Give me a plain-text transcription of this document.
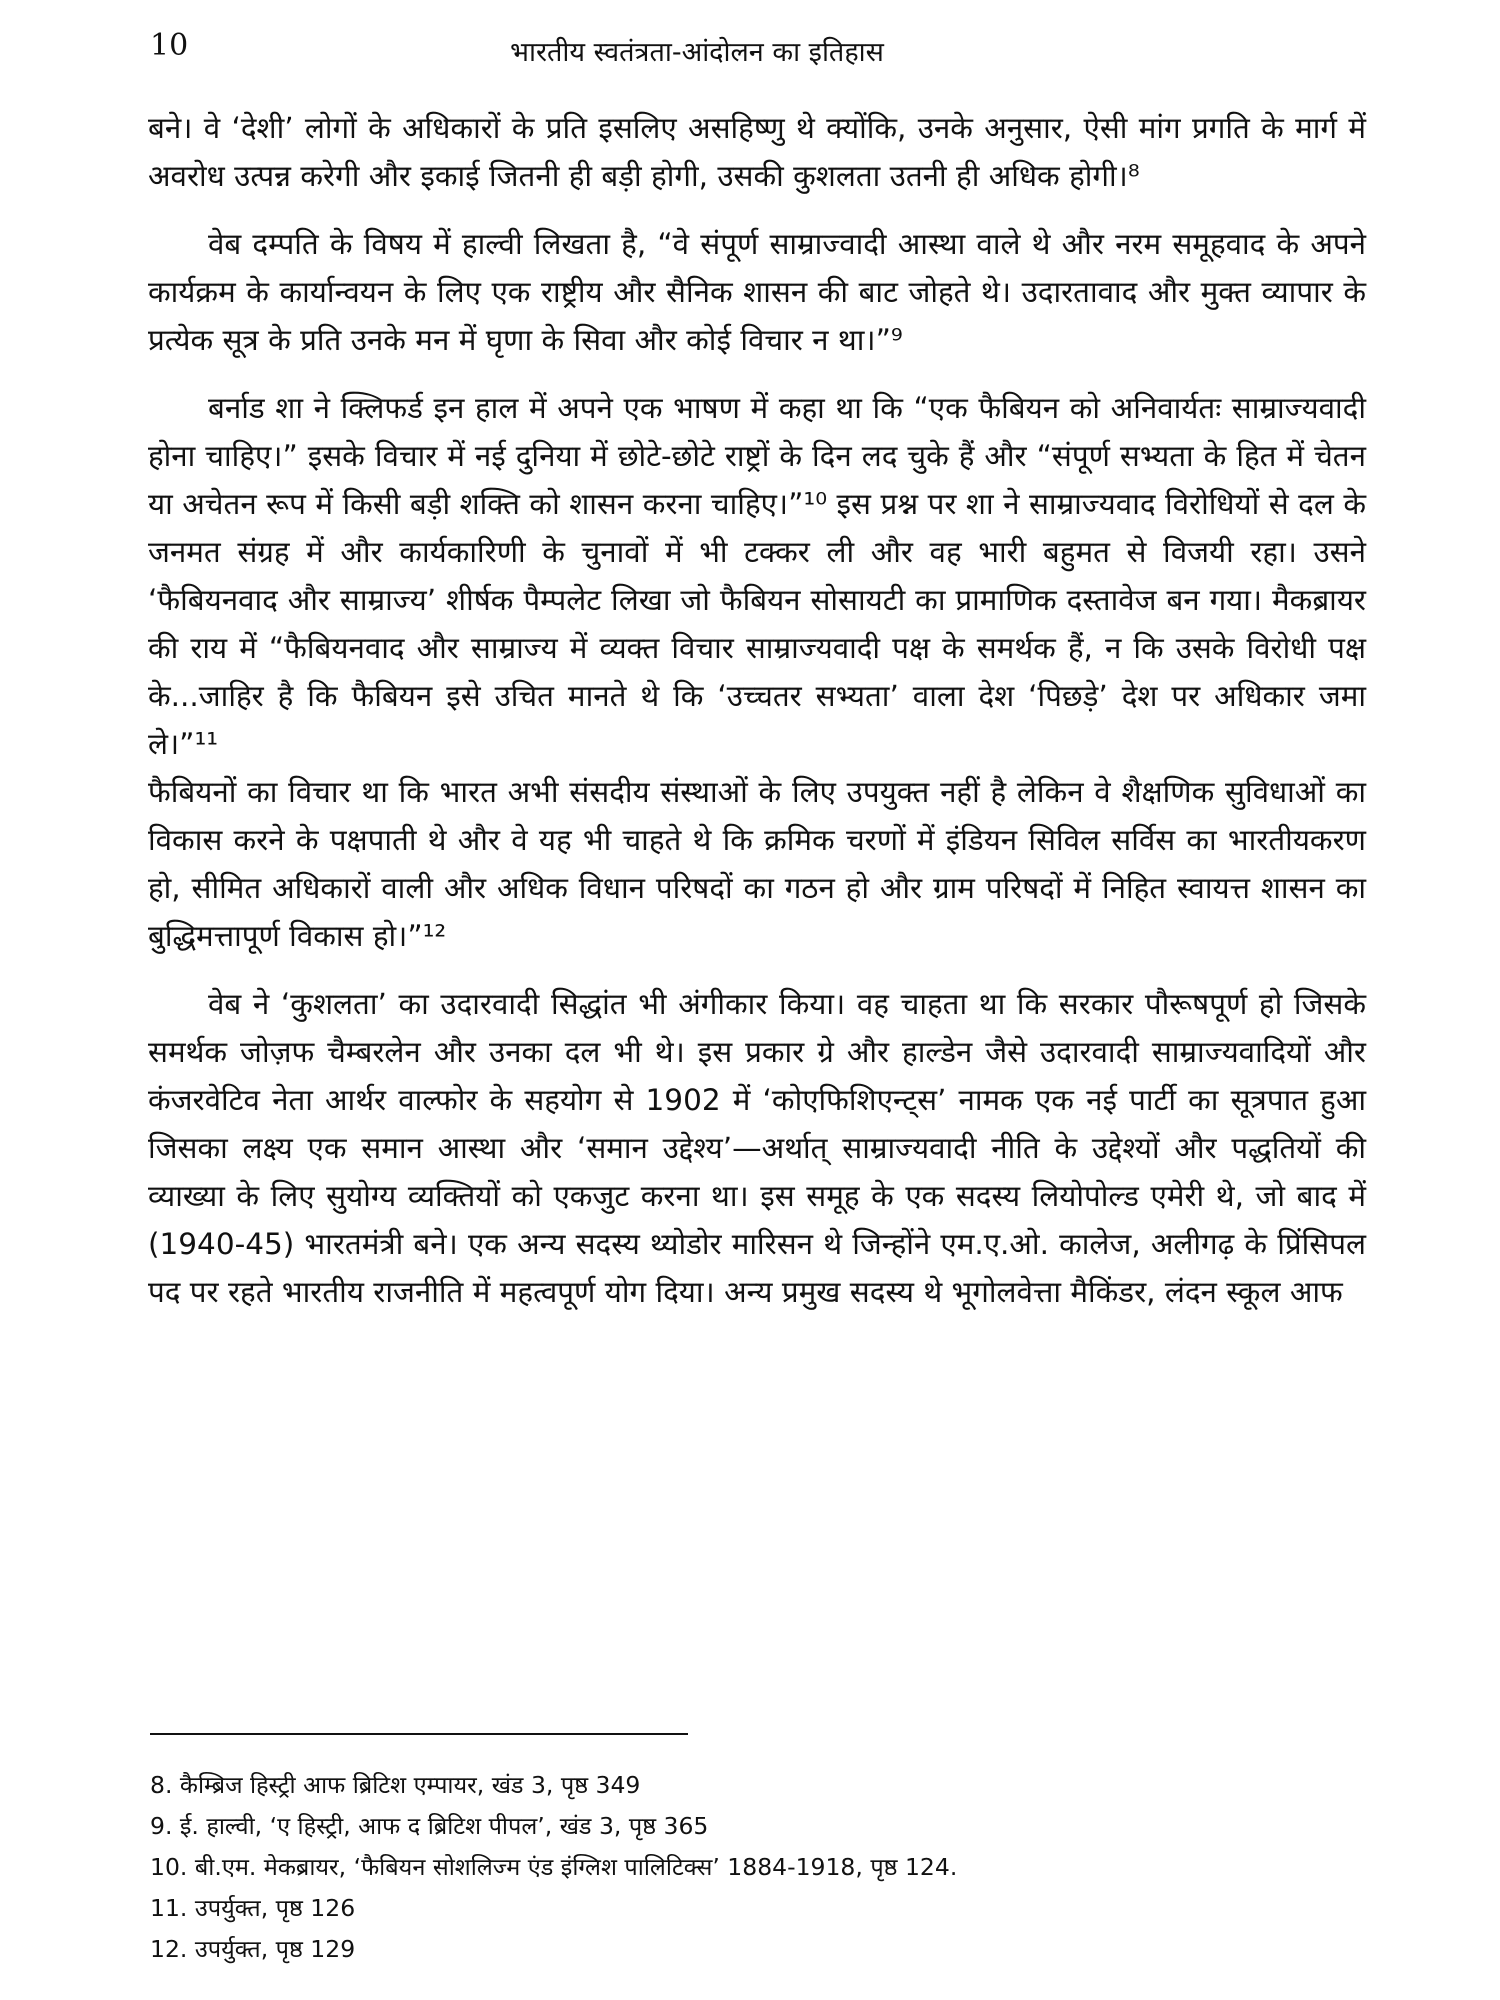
10	भारतीय स्वतंत्रता-आंदोलन का इतिहास

बने। वे ‘देशी’ लोगों के अधिकारों के प्रति इसलिए असहिष्णु थे क्योंकि, उनके अनुसार, ऐसी मांग प्रगति के मार्ग में अवरोध उत्पन्न करेगी और इकाई जितनी ही बड़ी होगी, उसकी कुशलता उतनी ही अधिक होगी।⁸

वेब दम्पति के विषय में हाल्वी लिखता है, “वे संपूर्ण साम्राज्वादी आस्था वाले थे और नरम समूहवाद के अपने कार्यक्रम के कार्यान्वयन के लिए एक राष्ट्रीय और सैनिक शासन की बाट जोहते थे। उदारतावाद और मुक्त व्यापार के प्रत्येक सूत्र के प्रति उनके मन में घृणा के सिवा और कोई विचार न था।”⁹

बर्नाड शा ने क्लिफर्ड इन हाल में अपने एक भाषण में कहा था कि “एक फैबियन को अनिवार्यतः साम्राज्यवादी होना चाहिए।” इसके विचार में नई दुनिया में छोटे-छोटे राष्ट्रों के दिन लद चुके हैं और “संपूर्ण सभ्यता के हित में चेतन या अचेतन रूप में किसी बड़ी शक्ति को शासन करना चाहिए।”¹⁰ इस प्रश्न पर शा ने साम्राज्यवाद विरोधियों से दल के जनमत संग्रह में और कार्यकारिणी के चुनावों में भी टक्कर ली और वह भारी बहुमत से विजयी रहा। उसने ‘फैबियनवाद और साम्राज्य’ शीर्षक पैम्पलेट लिखा जो फैबियन सोसायटी का प्रामाणिक दस्तावेज बन गया। मैकब्रायर की राय में “फैबियनवाद और साम्राज्य में व्यक्त विचार साम्राज्यवादी पक्ष के समर्थक हैं, न कि उसके विरोधी पक्ष के...जाहिर है कि फैबियन इसे उचित मानते थे कि ‘उच्चतर सभ्यता’ वाला देश ‘पिछड़े’ देश पर अधिकार जमा ले।”¹¹

फैबियनों का विचार था कि भारत अभी संसदीय संस्थाओं के लिए उपयुक्त नहीं है लेकिन वे शैक्षणिक सुविधाओं का विकास करने के पक्षपाती थे और वे यह भी चाहते थे कि क्रमिक चरणों में इंडियन सिविल सर्विस का भारतीयकरण हो, सीमित अधिकारों वाली और अधिक विधान परिषदों का गठन हो और ग्राम परिषदों में निहित स्वायत्त शासन का बुद्धिमत्तापूर्ण विकास हो।”¹²

वेब ने ‘कुशलता’ का उदारवादी सिद्धांत भी अंगीकार किया। वह चाहता था कि सरकार पौरूषपूर्ण हो जिसके समर्थक जोज़फ चैम्बरलेन और उनका दल भी थे। इस प्रकार ग्रे और हाल्डेन जैसे उदारवादी साम्राज्यवादियों और कंजरवेटिव नेता आर्थर वाल्फोर के सहयोग से 1902 में ‘कोएफिशिएन्ट्स’ नामक एक नई पार्टी का सूत्रपात हुआ जिसका लक्ष्य एक समान आस्था और ‘समान उद्देश्य’—अर्थात् साम्राज्यवादी नीति के उद्देश्यों और पद्धतियों की व्याख्या के लिए सुयोग्य व्यक्तियों को एकजुट करना था। इस समूह के एक सदस्य लियोपोल्ड एमेरी थे, जो बाद में (1940-45) भारतमंत्री बने। एक अन्य सदस्य थ्योडोर मारिसन थे जिन्होंने एम.ए.ओ. कालेज, अलीगढ़ के प्रिंसिपल पद पर रहते भारतीय राजनीति में महत्वपूर्ण योग दिया। अन्य प्रमुख सदस्य थे भूगोलवेत्ता मैकिंडर, लंदन स्कूल आफ

8. कैम्ब्रिज हिस्ट्री आफ ब्रिटिश एम्पायर, खंड 3, पृष्ठ 349
9. ई. हाल्वी, ‘ए हिस्ट्री, आफ द ब्रिटिश पीपल’, खंड 3, पृष्ठ 365
10. बी.एम. मेकब्रायर, ‘फैबियन सोशलिज्म एंड इंग्लिश पालिटिक्स’ 1884-1918, पृष्ठ 124.
11. उपर्युक्त, पृष्ठ 126
12. उपर्युक्त, पृष्ठ 129
